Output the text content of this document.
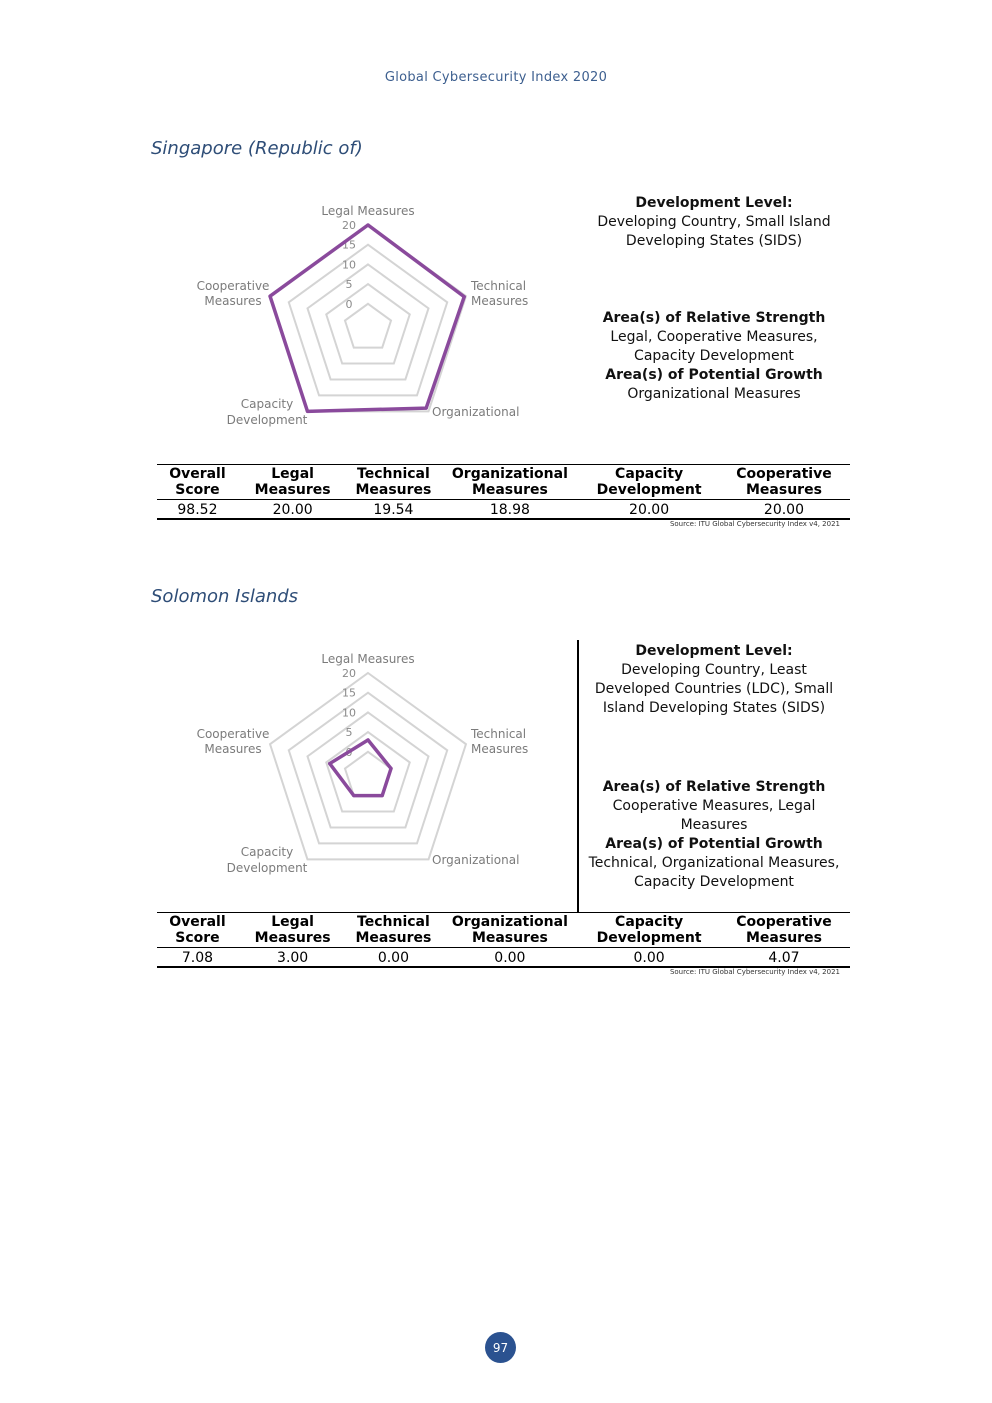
Global Cybersecurity Index 2020
Singapore (Republic of)
0
5
10
15
20
Legal Measures
Technical
Measures
Organizational
Capacity
Development
Cooperative
Measures
Development Level:
Developing Country, Small Island Developing States (SIDS)
Area(s) of Relative Strength
Legal, Cooperative Measures, Capacity Development
Area(s) of Potential Growth
Organizational Measures
Overall Score	Legal Measures	Technical Measures	Organizational Measures	Capacity Development	Cooperative Measures
98.52	20.00	19.54	18.98	20.00	20.00
Source: ITU Global Cybersecurity Index v4, 2021
Solomon Islands
0
5
10
15
20
Legal Measures
Technical
Measures
Organizational
Capacity
Development
Cooperative
Measures
Development Level:
Developing Country, Least Developed Countries (LDC), Small Island Developing States (SIDS)
Area(s) of Relative Strength
Cooperative Measures, Legal Measures
Area(s) of Potential Growth
Technical, Organizational Measures, Capacity Development
Overall Score	Legal Measures	Technical Measures	Organizational Measures	Capacity Development	Cooperative Measures
7.08	3.00	0.00	0.00	0.00	4.07
Source: ITU Global Cybersecurity Index v4, 2021
97
